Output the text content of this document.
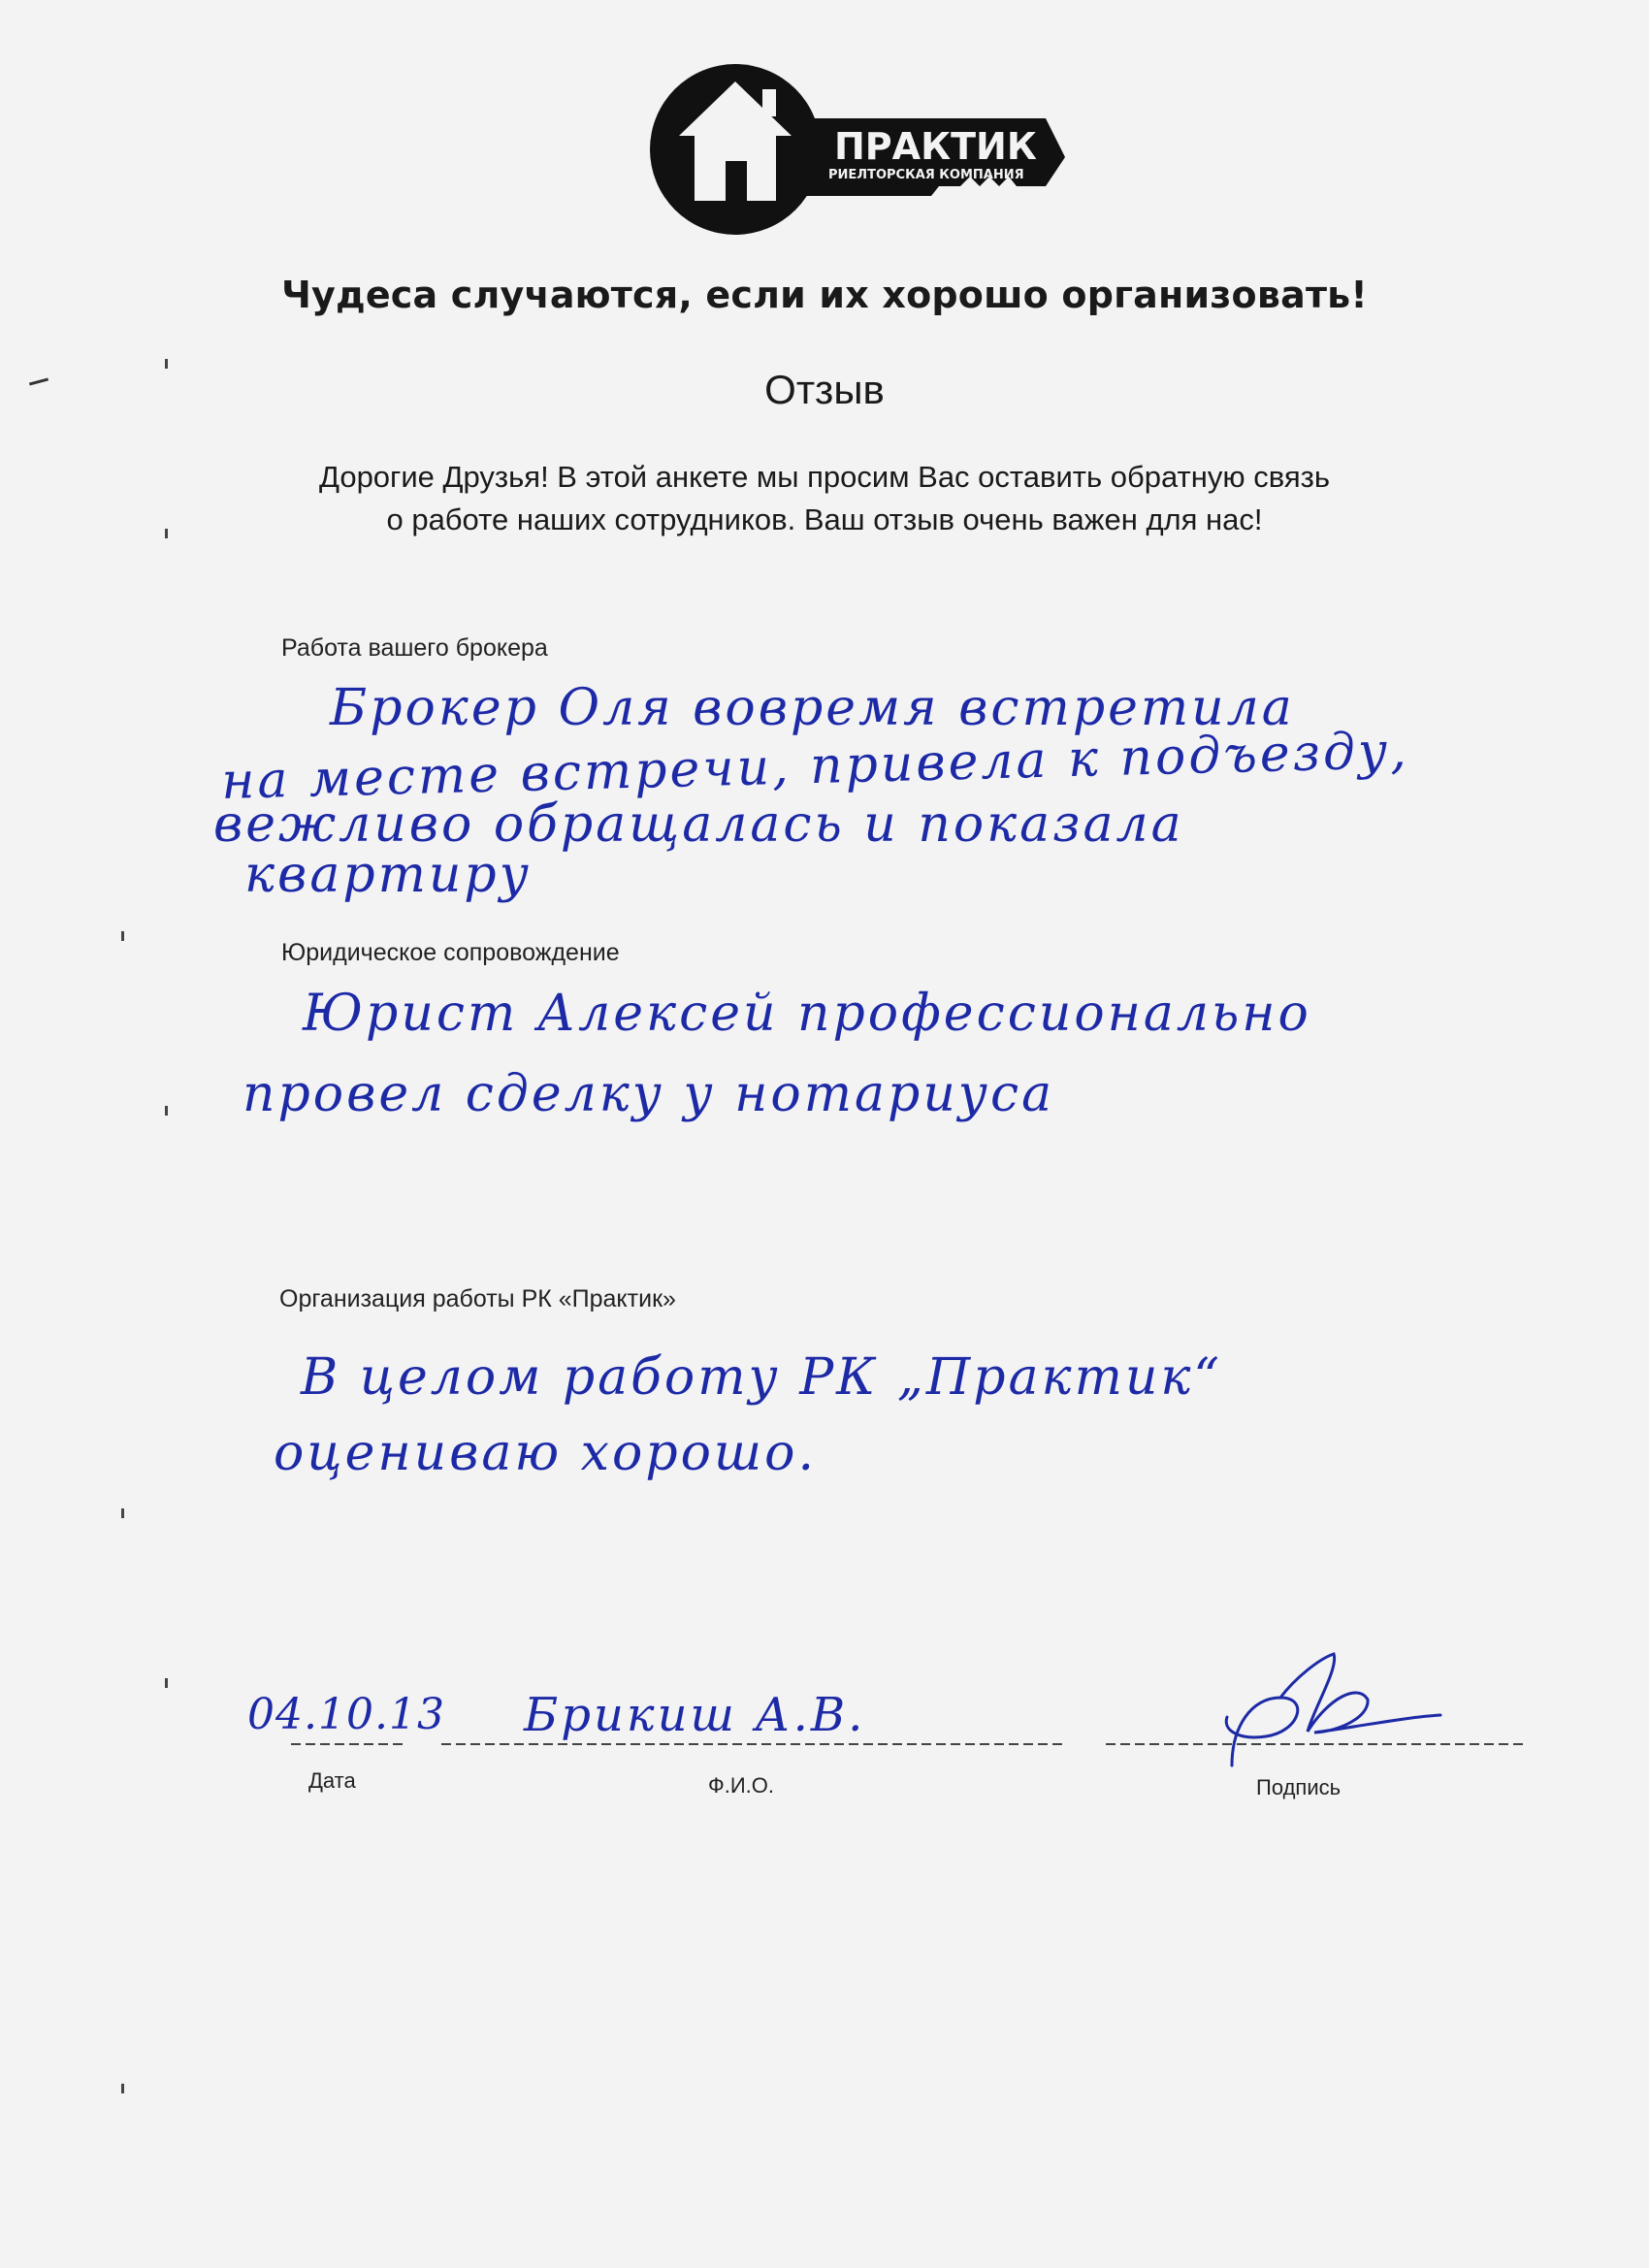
ПРАКТИК
РИЕЛТОРСКАЯ КОМПАНИЯ
Чудеса случаются, если их хорошо организовать!
Отзыв
Дорогие Друзья! В этой анкете мы просим Вас оставить обратную связь
о работе наших сотрудников. Ваш отзыв очень важен для нас!
Работа вашего брокера
Брокер Оля вовремя встретила
на месте встречи, привела к подъезду,
вежливо обращалась и показала
квартиру
Юридическое сопровождение
Юрист Алексей профессионально
провел сделку у нотариуса
Организация работы РК «Практик»
В целом работу РК „Практик“
оцениваю хорошо.
04.10.13 Брикиш А.В.
Дата	Ф.И.О.	Подпись
